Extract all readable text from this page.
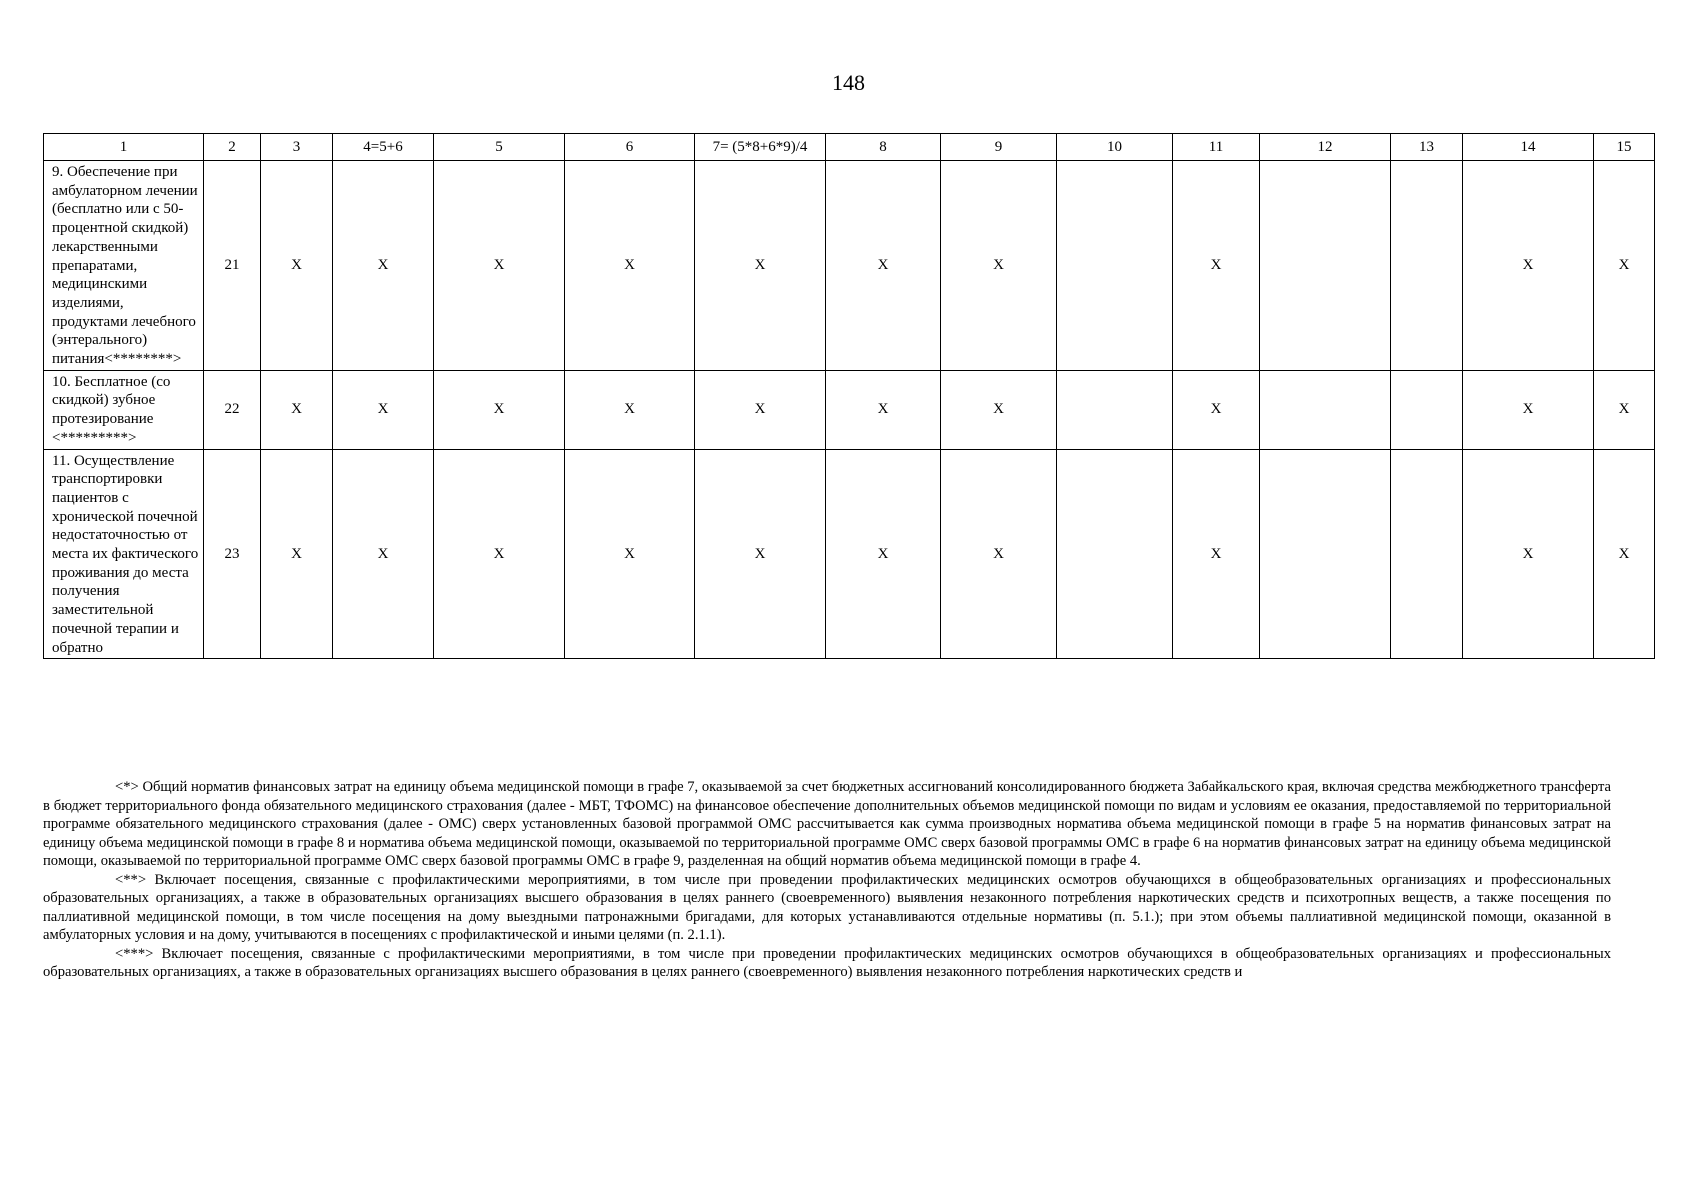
148
1	2	3	4=5+6	5	6	7= (5*8+6*9)/4	8	9	10	11	12	13	14	15
9. Обеспечение при амбулаторном лечении (бесплатно или с 50-процентной скидкой) лекарственными препаратами, медицинскими изделиями, продуктами лечебного (энтерального) питания<********>	21	X	X	X	X	X	X	X		X			X	X
10. Бесплатное (со скидкой) зубное протезирование <*********>	22	X	X	X	X	X	X	X		X			X	X
11. Осуществление транспортировки пациентов с хронической почечной недостаточностью от места их фактического проживания до места получения заместительной почечной терапии и обратно	23	X	X	X	X	X	X	X		X			X	X

<*> Общий норматив финансовых затрат на единицу объема медицинской помощи в графе 7, оказываемой за счет бюджетных ассигнований консолидированного бюджета Забайкальского края, включая средства межбюджетного трансферта в бюджет территориального фонда обязательного медицинского страхования (далее - МБТ, ТФОМС) на финансовое обеспечение дополнительных объемов медицинской помощи по видам и условиям ее оказания, предоставляемой по территориальной программе обязательного медицинского страхования (далее - ОМС) сверх установленных базовой программой ОМС рассчитывается как сумма производных норматива объема медицинской помощи в графе 5 на норматив финансовых затрат на единицу объема медицинской помощи в графе 8 и норматива объема медицинской помощи, оказываемой по территориальной программе ОМС сверх базовой программы ОМС в графе 6 на норматив финансовых затрат на единицу объема медицинской помощи, оказываемой по территориальной программе ОМС сверх базовой программы ОМС в графе 9, разделенная на общий норматив объема медицинской помощи в графе 4.

<**> Включает посещения, связанные с профилактическими мероприятиями, в том числе при проведении профилактических медицинских осмотров обучающихся в общеобразовательных организациях и профессиональных образовательных организациях, а также в образовательных организациях высшего образования в целях раннего (своевременного) выявления незаконного потребления наркотических средств и психотропных веществ, а также посещения по паллиативной медицинской помощи, в том числе посещения на дому выездными патронажными бригадами, для которых устанавливаются отдельные нормативы (п. 5.1.); при этом объемы паллиативной медицинской помощи, оказанной в амбулаторных условия и на дому, учитываются в посещениях с профилактической и иными целями (п. 2.1.1).

<***> Включает посещения, связанные с профилактическими мероприятиями, в том числе при проведении профилактических медицинских осмотров обучающихся в общеобразовательных организациях и профессиональных образовательных организациях, а также в образовательных организациях высшего образования в целях раннего (своевременного) выявления незаконного потребления наркотических средств и
